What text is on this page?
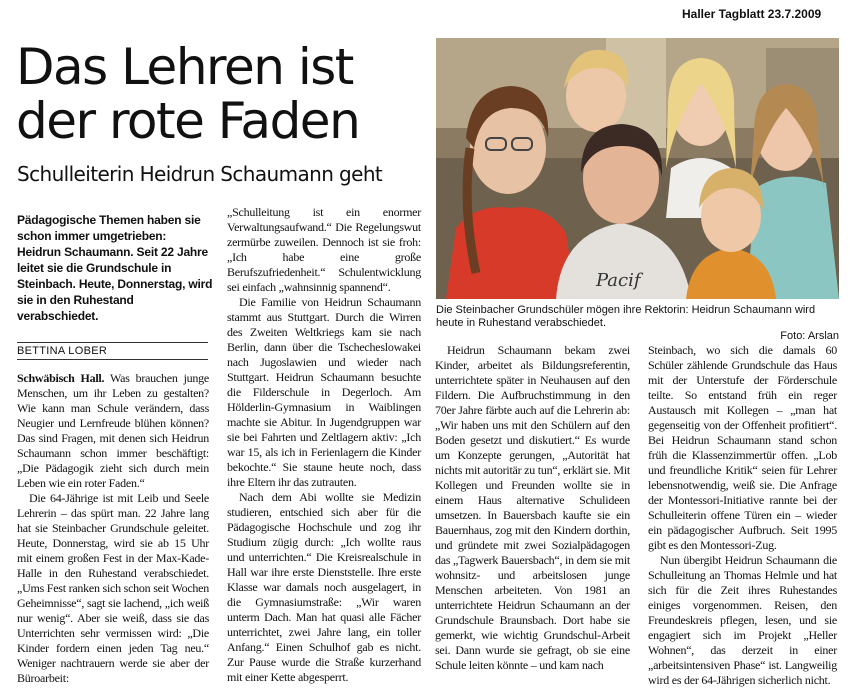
Haller Tagblatt 23.7.2009
Das Lehren ist
der rote Faden
Schulleiterin Heidrun Schaumann geht
Pädagogische Themen haben sie schon immer umgetrieben: Heidrun Schaumann. Seit 22 Jahre leitet sie die Grundschule in Steinbach. Heute, Donnerstag, wird sie in den Ruhestand verabschiedet.
BETTINA LOBER

Schwäbisch Hall. Was brauchen junge Menschen, um ihr Leben zu gestalten? Wie kann man Schule verändern, dass Neugier und Lernfreude blühen können? Das sind Fragen, mit denen sich Heidrun Schaumann schon immer beschäftigt: „Die Pädagogik zieht sich durch mein Leben wie ein roter Faden.“

Die 64-Jährige ist mit Leib und Seele Lehrerin – das spürt man. 22 Jahre lang hat sie Steinbacher Grundschule geleitet. Heute, Donnerstag, wird sie ab 15 Uhr mit einem großen Fest in der Max-Kade-Halle in den Ruhestand verabschiedet. „Ums Fest ranken sich schon seit Wochen Geheimnisse“, sagt sie lachend, „ich weiß nur wenig“. Aber sie weiß, dass sie das Unterrichten sehr vermissen wird: „Die Kinder fordern einen jeden Tag neu.“ Weniger nachtrauern werde sie aber der Büroarbeit:

„Schulleitung ist ein enormer Verwaltungsaufwand.“ Die Regelungswut zermürbe zuweilen. Dennoch ist sie froh: „Ich habe eine große Berufszufriedenheit.“ Schulentwicklung sei einfach „wahnsinnig spannend“.

Die Familie von Heidrun Schaumann stammt aus Stuttgart. Durch die Wirren des Zweiten Weltkriegs kam sie nach Berlin, dann über die Tschecheslowakei nach Jugoslawien und wieder nach Stuttgart. Heidrun Schaumann besuchte die Filderschule in Degerloch. Am Hölderlin-Gymnasium in Waiblingen machte sie Abitur. In Jugendgruppen war sie bei Fahrten und Zeltlagern aktiv: „Ich war 15, als ich in Ferienlagern die Kinder bekochte.“ Sie staune heute noch, dass ihre Eltern ihr das zutrauten.

Nach dem Abi wollte sie Medizin studieren, entschied sich aber für die Pädagogische Hochschule und zog ihr Studium zügig durch: „Ich wollte raus und unterrichten.“ Die Kreisrealschule in Hall war ihre erste Dienststelle. Ihre erste Klasse war damals noch ausgelagert, in die Gymnasiumstraße: „Wir waren unterm Dach. Man hat quasi alle Fächer unterrichtet, zwei Jahre lang, ein toller Anfang.“ Einen Schulhof gab es nicht. Zur Pause wurde die Straße kurzerhand mit einer Kette abgesperrt.

Pacif
Die Steinbacher Grundschüler mögen ihre Rektorin: Heidrun Schaumann wird heute in Ruhestand verabschiedet.
Foto: Arslan

Heidrun Schaumann bekam zwei Kinder, arbeitet als Bildungsreferentin, unterrichtete später in Neuhausen auf den Fildern. Die Aufbruchstimmung in den 70er Jahre färbte auch auf die Lehrerin ab: „Wir haben uns mit den Schülern auf den Boden gesetzt und diskutiert.“ Es wurde um Konzepte gerungen, „Autorität hat nichts mit autoritär zu tun“, erklärt sie. Mit Kollegen und Freunden wollte sie in einem Haus alternative Schulideen umsetzen. In Bauersbach kaufte sie ein Bauernhaus, zog mit den Kindern dorthin, und gründete mit zwei Sozialpädagogen das „Tagwerk Bauersbach“, in dem sie mit wohnsitz- und arbeitslosen junge Menschen arbeiteten. Von 1981 an unterrichtete Heidrun Schaumann an der Grundschule Braunsbach. Dort habe sie gemerkt, wie wichtig Grundschul-Arbeit sei. Dann wurde sie gefragt, ob sie eine Schule leiten könnte – und kam nach

Steinbach, wo sich die damals 60 Schüler zählende Grundschule das Haus mit der Unterstufe der Förderschule teilte. So entstand früh ein reger Austausch mit Kollegen – „man hat gegenseitig von der Offenheit profitiert“. Bei Heidrun Schaumann stand schon früh die Klassenzimmertür offen. „Lob und freundliche Kritik“ seien für Lehrer lebensnotwendig, weiß sie. Die Anfrage der Montessori-Initiative rannte bei der Schulleiterin offene Türen ein – wieder ein pädagogischer Aufbruch. Seit 1995 gibt es den Montessori-Zug.

Nun übergibt Heidrun Schaumann die Schulleitung an Thomas Helmle und hat sich für die Zeit ihres Ruhestandes einiges vorgenommen. Reisen, den Freundeskreis pflegen, lesen, und sie engagiert sich im Projekt „Heller Wohnen“, das derzeit in einer „arbeitsintensiven Phase“ ist. Langweilig wird es der 64-Jährigen sicherlich nicht.
